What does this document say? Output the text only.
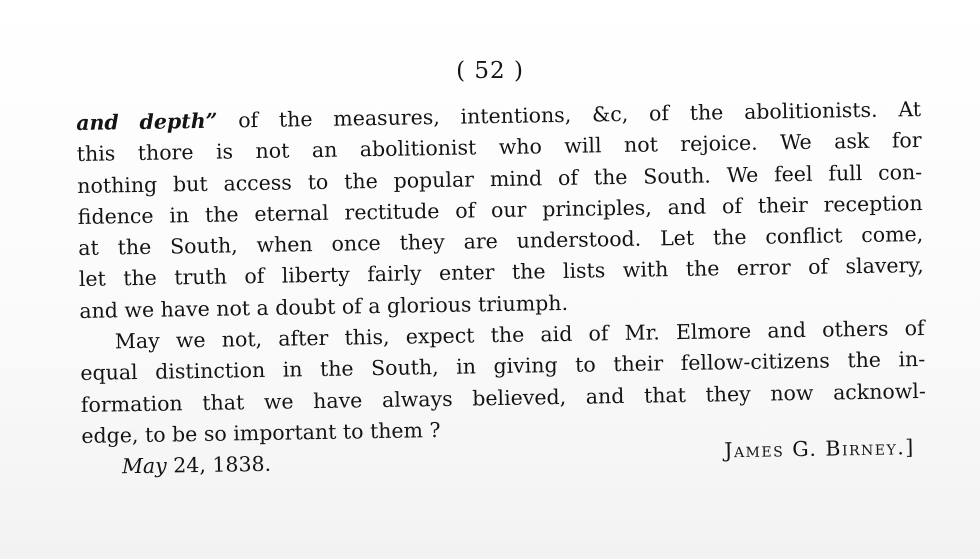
( 52 )
and depth” of the measures, intentions, &c, of the abolitionists. At
this thore is not an abolitionist who will not rejoice. We ask for
nothing but access to the popular mind of the South. We feel full con-
fidence in the eternal rectitude of our principles, and of their reception
at the South, when once they are understood. Let the conflict come,
let the truth of liberty fairly enter the lists with the error of slavery,
and we have not a doubt of a glorious triumph.
May we not, after this, expect the aid of Mr. Elmore and others of
equal distinction in the South, in giving to their fellow-citizens the in-
formation that we have always believed, and that they now acknowl-
edge, to be so important to them ?
May 24, 1838.
James G. Birney.]
